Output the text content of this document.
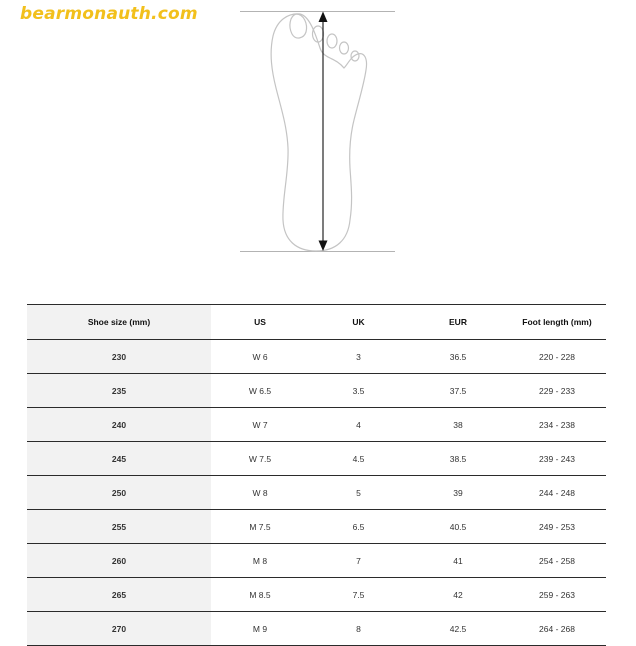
bearmonauth.com
Shoe size (mm)	US	UK	EUR	Foot length (mm)
230	W 6	3	36.5	220 - 228
235	W 6.5	3.5	37.5	229 - 233
240	W 7	4	38	234 - 238
245	W 7.5	4.5	38.5	239 - 243
250	W 8	5	39	244 - 248
255	M 7.5	6.5	40.5	249 - 253
260	M 8	7	41	254 - 258
265	M 8.5	7.5	42	259 - 263
270	M 9	8	42.5	264 - 268
